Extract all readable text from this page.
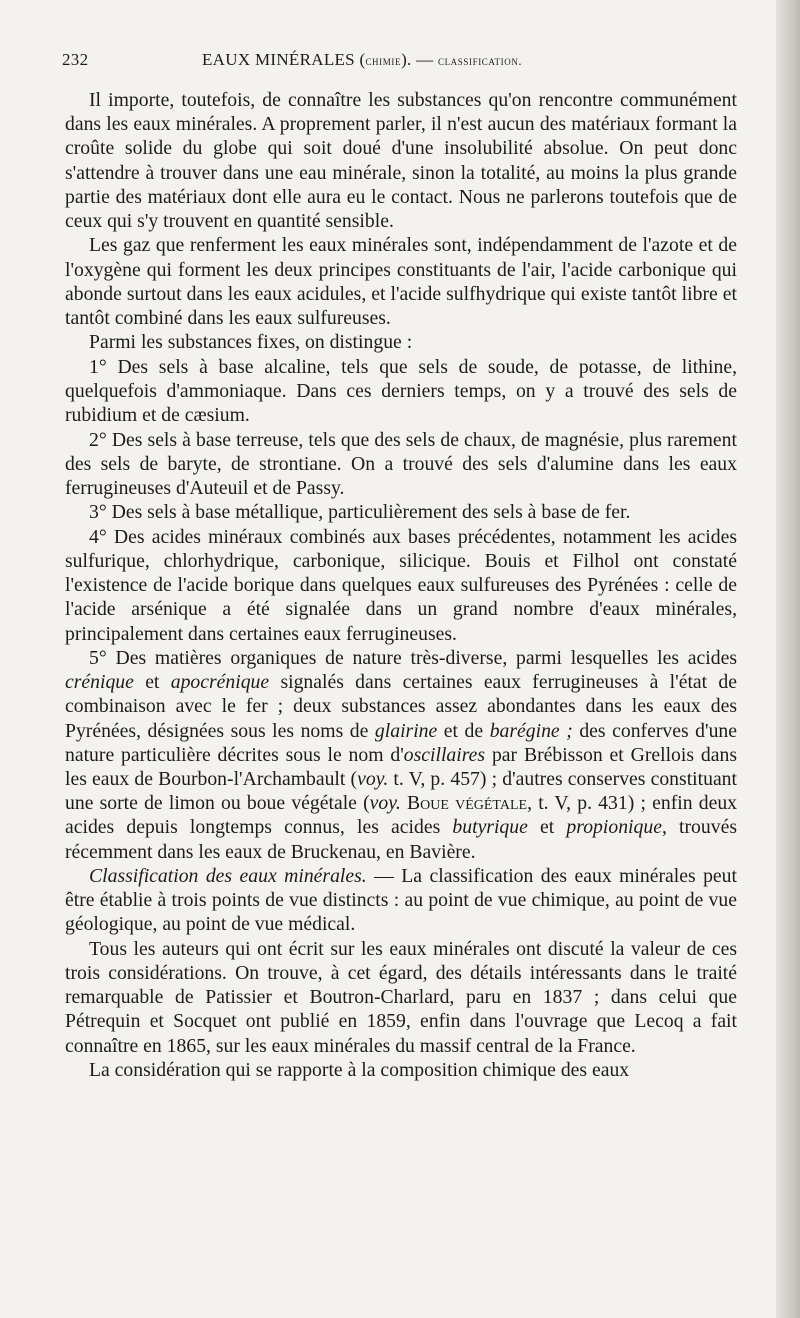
232	EAUX MINÉRALES (chimie). — classification.

Il importe, toutefois, de connaître les substances qu'on rencontre communément dans les eaux minérales. A proprement parler, il n'est aucun des matériaux formant la croûte solide du globe qui soit doué d'une insolubilité absolue. On peut donc s'attendre à trouver dans une eau minérale, sinon la totalité, au moins la plus grande partie des matériaux dont elle aura eu le contact. Nous ne parlerons toutefois que de ceux qui s'y trouvent en quantité sensible.

Les gaz que renferment les eaux minérales sont, indépendamment de l'azote et de l'oxygène qui forment les deux principes constituants de l'air, l'acide carbonique qui abonde surtout dans les eaux acidules, et l'acide sulfhydrique qui existe tantôt libre et tantôt combiné dans les eaux sulfureuses.

Parmi les substances fixes, on distingue :

1° Des sels à base alcaline, tels que sels de soude, de potasse, de lithine, quelquefois d'ammoniaque. Dans ces derniers temps, on y a trouvé des sels de rubidium et de cæsium.

2° Des sels à base terreuse, tels que des sels de chaux, de magnésie, plus rarement des sels de baryte, de strontiane. On a trouvé des sels d'alumine dans les eaux ferrugineuses d'Auteuil et de Passy.

3° Des sels à base métallique, particulièrement des sels à base de fer.

4° Des acides minéraux combinés aux bases précédentes, notamment les acides sulfurique, chlorhydrique, carbonique, silicique. Bouis et Filhol ont constaté l'existence de l'acide borique dans quelques eaux sulfureuses des Pyrénées : celle de l'acide arsénique a été signalée dans un grand nombre d'eaux minérales, principalement dans certaines eaux ferrugineuses.

5° Des matières organiques de nature très-diverse, parmi lesquelles les acides crénique et apocrénique signalés dans certaines eaux ferrugineuses à l'état de combinaison avec le fer ; deux substances assez abondantes dans les eaux des Pyrénées, désignées sous les noms de glairine et de barégine ; des conferves d'une nature particulière décrites sous le nom d'oscillaires par Brébisson et Grellois dans les eaux de Bourbon-l'Archambault (voy. t. V, p. 457) ; d'autres conserves constituant une sorte de limon ou boue végétale (voy. Boue végétale, t. V, p. 431) ; enfin deux acides depuis longtemps connus, les acides butyrique et propionique, trouvés récemment dans les eaux de Bruckenau, en Bavière.

Classification des eaux minérales. — La classification des eaux minérales peut être établie à trois points de vue distincts : au point de vue chimique, au point de vue géologique, au point de vue médical.

Tous les auteurs qui ont écrit sur les eaux minérales ont discuté la valeur de ces trois considérations. On trouve, à cet égard, des détails intéressants dans le traité remarquable de Patissier et Boutron-Charlard, paru en 1837 ; dans celui que Pétrequin et Socquet ont publié en 1859, enfin dans l'ouvrage que Lecoq a fait connaître en 1865, sur les eaux minérales du massif central de la France.

La considération qui se rapporte à la composition chimique des eaux
